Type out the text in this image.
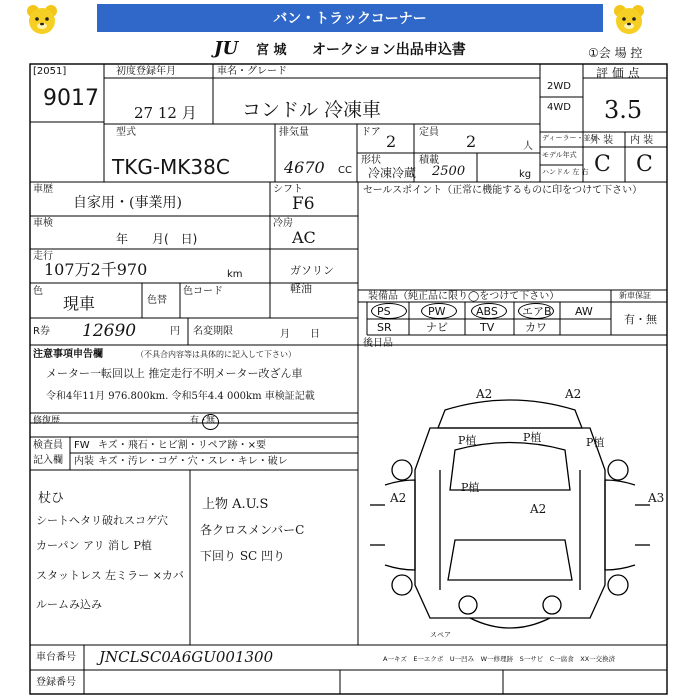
バン・トラックコーナー
JU 宮 城 オークション出品申込書	①会 場 控
[2051]
9017
初度登録年月	車名・グレード
27 12 月 コンドル 冷凍車
2WD
4WD
評 価 点
3.5
型式
TKG-MK38C
排気量
4670 CC
ドア 2 定員 2	人
形状
冷凍冷蔵
積載
2500	kg
ディーラー・並行
モデル年式
ハンドル 左 右
外 装 内 装
C C
車歴
自家用・(事業用)
シフト
F6
車検
年　　月(　日)
冷房
AC
走行
107万2千970	km	ガソリン 軽油
色
現車	色替
色コード
R券 12690	円 名変期限	月　　日
セールスポイント（正常に機能するものに印をつけて下さい）
装備品（純正品に限り◯をつけて下さい）	新車保証
有・無
PS	PW	ABS エアB AW
SR	ナビ	TV	カワ
後日品
注意事項申告欄	（不具合内容等は具体的に記入して下さい）
メーター一転回以上 推定走行不明メーター改ざん車
令和4年11月 976.800km. 令和5年4.4 000km 車検証記載
修復歴	有・
無
検査員
記入欄
FW キズ・飛石・ヒビ割・リペア跡・×要
内装 キズ・汚レ・コゲ・穴・スレ・キレ・破レ
杖ひ
シートヘタリ破れスコゲ穴
カーパン アリ 消し P植
スタットレス 左ミラー ×カバ
ルームみ込み
上物 A.U.S
各クロスメンバーC
下回り SC 凹り
A2	A2
P植	P植	P植
P植
A2
A2
A3
スペア
A一キズ　E一エクボ　U一凹み　W一修理跡　S一サビ　C一腐食　XX一交換済
車台番号 JNCLSC0A6GU001300
登録番号
